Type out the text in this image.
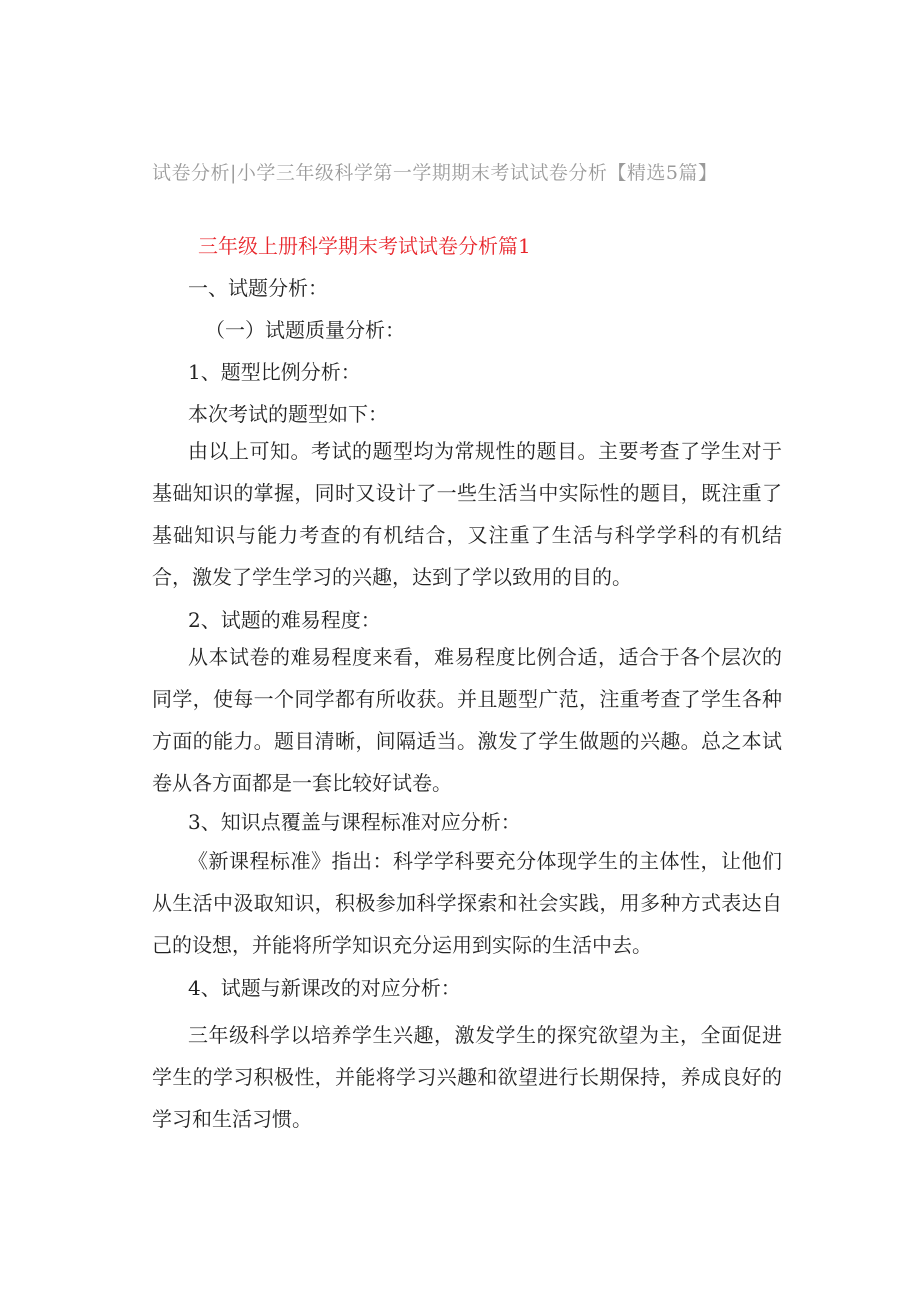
试卷分析|小学三年级科学第一学期期末考试试卷分析【精选5篇】
三年级上册科学期末考试试卷分析篇1
一、试题分析：
（一）试题质量分析：
1、题型比例分析：
本次考试的题型如下：
由以上可知。考试的题型均为常规性的题目。主要考查了学生对于基础知识的掌握，同时又设计了一些生活当中实际性的题目，既注重了基础知识与能力考查的有机结合，又注重了生活与科学学科的有机结合，激发了学生学习的兴趣，达到了学以致用的目的。
2、试题的难易程度：
从本试卷的难易程度来看，难易程度比例合适，适合于各个层次的同学，使每一个同学都有所收获。并且题型广范，注重考查了学生各种方面的能力。题目清晰，间隔适当。激发了学生做题的兴趣。总之本试卷从各方面都是一套比较好试卷。
3、知识点覆盖与课程标准对应分析：
《新课程标准》指出：科学学科要充分体现学生的主体性，让他们从生活中汲取知识，积极参加科学探索和社会实践，用多种方式表达自己的设想，并能将所学知识充分运用到实际的生活中去。
4、试题与新课改的对应分析：
三年级科学以培养学生兴趣，激发学生的探究欲望为主，全面促进学生的学习积极性，并能将学习兴趣和欲望进行长期保持，养成良好的学习和生活习惯。
